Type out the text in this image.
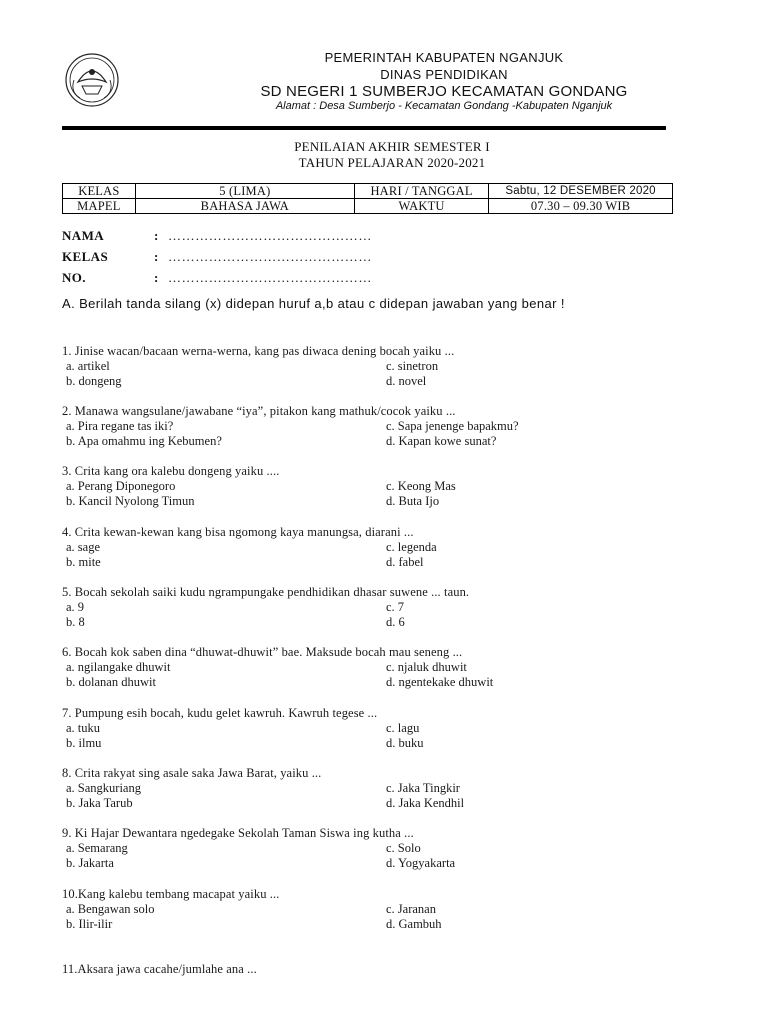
PEMERINTAH KABUPATEN NGANJUK
DINAS PENDIDIKAN
SD NEGERI 1 SUMBERJO KECAMATAN GONDANG
Alamat : Desa Sumberjo - Kecamatan Gondang -Kabupaten Nganjuk
PENILAIAN AKHIR SEMESTER I
TAHUN PELAJARAN 2020-2021
KELAS	5 (LIMA)	HARI / TANGGAL	Sabtu, 12 DESEMBER 2020
MAPEL	BAHASA JAWA	WAKTU	07.30 – 09.30 WIB
NAMA	: ………………………………………
KELAS	: ………………………………………
NO.	: ………………………………………
A. Berilah tanda silang (x) didepan huruf a,b atau c didepan jawaban yang benar !
1. Jinise wacan/bacaan werna-werna, kang pas diwaca dening bocah yaiku ...
a. artikel	c. sinetron
b. dongeng	d. novel
2. Manawa wangsulane/jawabane “iya”, pitakon kang mathuk/cocok yaiku ...
a. Pira regane tas iki?	c. Sapa jenenge bapakmu?
b. Apa omahmu ing Kebumen?	d. Kapan kowe sunat?
3. Crita kang ora kalebu dongeng yaiku ....
a. Perang Diponegoro	c. Keong Mas
b. Kancil Nyolong Timun	d. Buta Ijo
4. Crita kewan-kewan kang bisa ngomong kaya manungsa, diarani ...
a. sage	c. legenda
b. mite	d. fabel
5. Bocah sekolah saiki kudu ngrampungake pendhidikan dhasar suwene ... taun.
a. 9	c. 7
b. 8	d. 6
6. Bocah kok saben dina “dhuwat-dhuwit” bae. Maksude bocah mau seneng ...
a. ngilangake dhuwit	c. njaluk dhuwit
b. dolanan dhuwit	d. ngentekake dhuwit
7. Pumpung esih bocah, kudu gelet kawruh. Kawruh tegese ...
a. tuku	c. lagu
b. ilmu	d. buku
8. Crita rakyat sing asale saka Jawa Barat, yaiku ...
a. Sangkuriang	c. Jaka Tingkir
b. Jaka Tarub	d. Jaka Kendhil
9. Ki Hajar Dewantara ngedegake Sekolah Taman Siswa ing kutha ...
a. Semarang	c. Solo
b. Jakarta	d. Yogyakarta
10.Kang kalebu tembang macapat yaiku ...
a. Bengawan solo	c. Jaranan
b. Ilir-ilir	d. Gambuh
11.Aksara jawa cacahe/jumlahe ana ...
